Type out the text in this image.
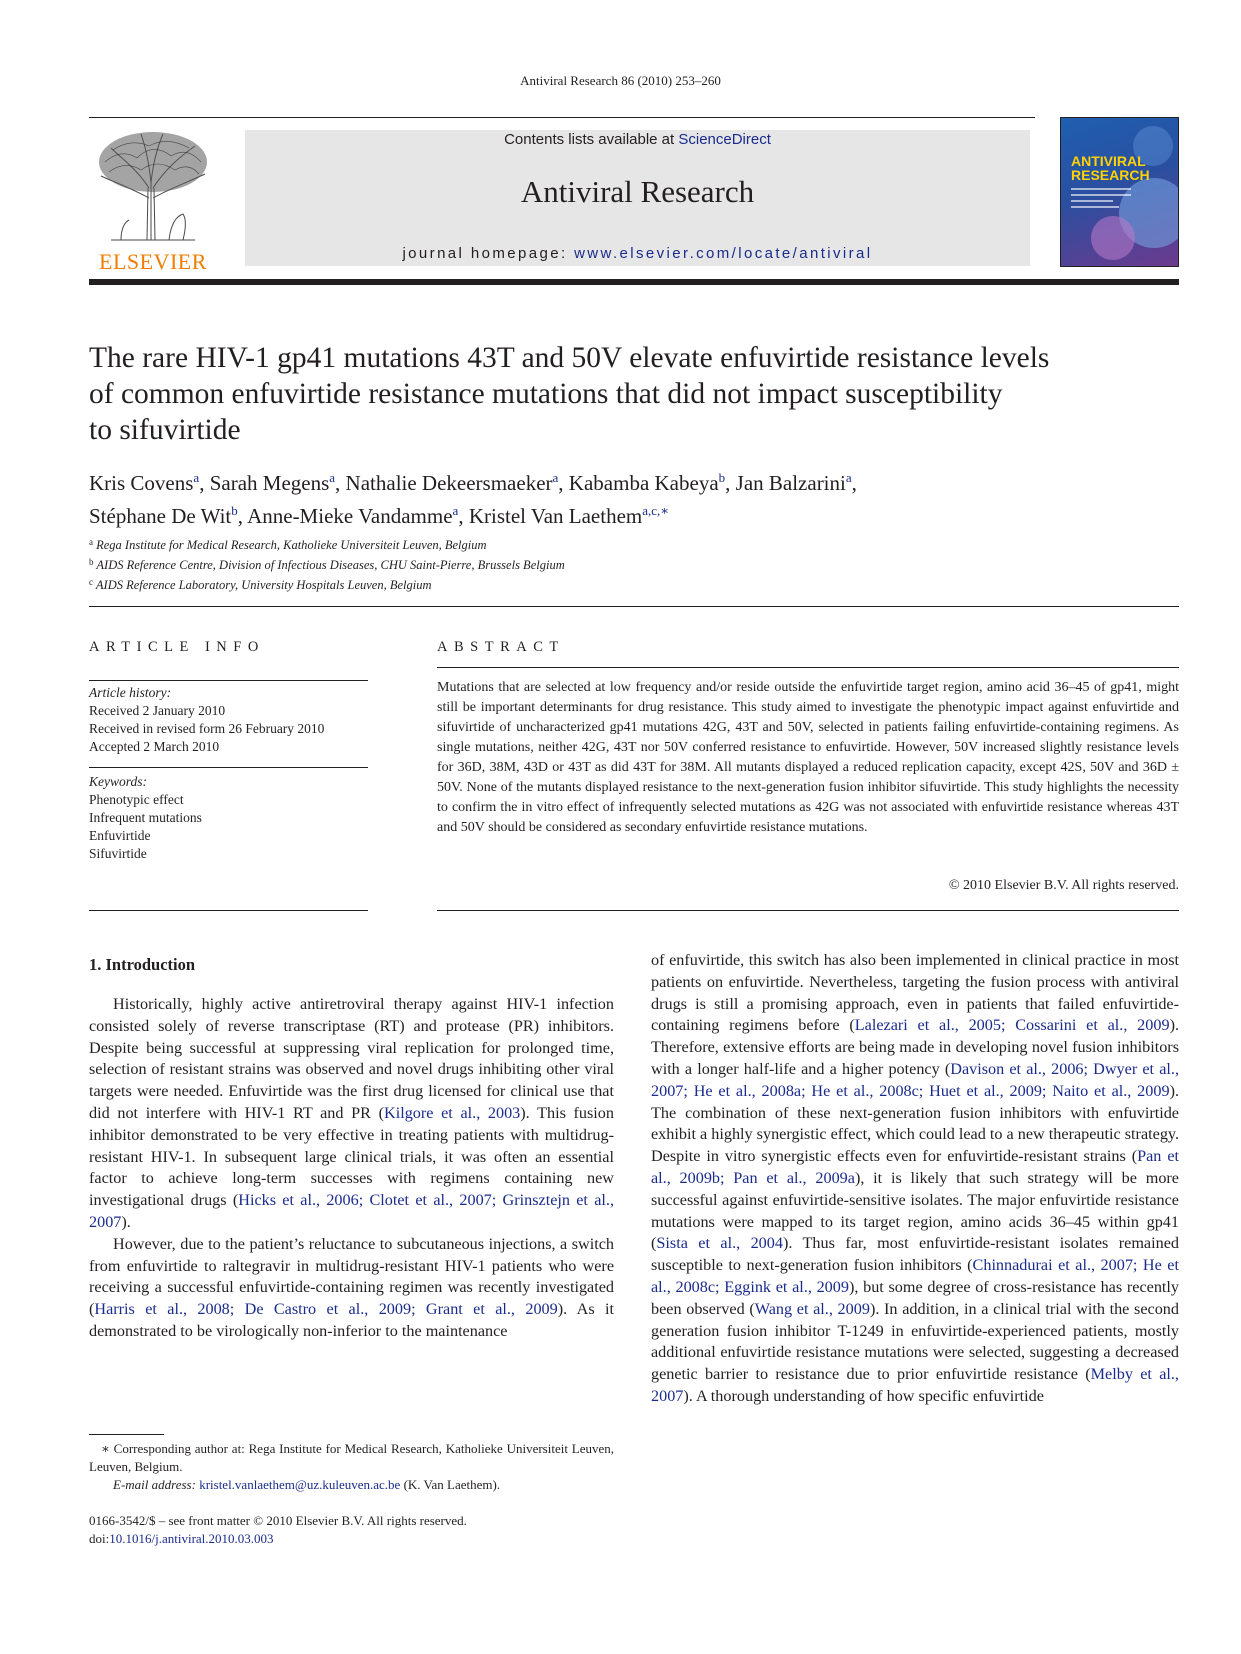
Antiviral Research 86 (2010) 253–260
ELSEVIER
Contents lists available at ScienceDirect
Antiviral Research
journal homepage: www.elsevier.com/locate/antiviral
ANTIVIRAL RESEARCH
The rare HIV-1 gp41 mutations 43T and 50V elevate enfuvirtide resistance levels
of common enfuvirtide resistance mutations that did not impact susceptibility
to sifuvirtide
Kris Covens$^a$, Sarah Megens$^a$, Nathalie Dekeersmaeker$^a$, Kabamba Kabeya$^b$, Jan Balzarini$^a$,
Stéphane De Wit$^b$, Anne-Mieke Vandamme$^a$, Kristel Van Laethem$^{a,c,∗}$
$^a$ Rega Institute for Medical Research, Katholieke Universiteit Leuven, Belgium
$^b$ AIDS Reference Centre, Division of Infectious Diseases, CHU Saint-Pierre, Brussels Belgium
$^c$ AIDS Reference Laboratory, University Hospitals Leuven, Belgium
ARTICLE INFO
Article history:
Received 2 January 2010
Received in revised form 26 February 2010
Accepted 2 March 2010
Keywords:
Phenotypic effect
Infrequent mutations
Enfuvirtide
Sifuvirtide
ABSTRACT
Mutations that are selected at low frequency and/or reside outside the enfuvirtide target region, amino acid 36–45 of gp41, might still be important determinants for drug resistance. This study aimed to investigate the phenotypic impact against enfuvirtide and sifuvirtide of uncharacterized gp41 mutations 42G, 43T and 50V, selected in patients failing enfuvirtide-containing regimens. As single mutations, neither 42G, 43T nor 50V conferred resistance to enfuvirtide. However, 50V increased slightly resistance levels for 36D, 38M, 43D or 43T as did 43T for 38M. All mutants displayed a reduced replication capacity, except 42S, 50V and 36D ± 50V. None of the mutants displayed resistance to the next-generation fusion inhibitor sifuvirtide. This study highlights the necessity to confirm the in vitro effect of infrequently selected mutations as 42G was not associated with enfuvirtide resistance whereas 43T and 50V should be considered as secondary enfuvirtide resistance mutations.
© 2010 Elsevier B.V. All rights reserved.
1. Introduction

Historically, highly active antiretroviral therapy against HIV-1 infection consisted solely of reverse transcriptase (RT) and protease (PR) inhibitors. Despite being successful at suppressing viral replication for prolonged time, selection of resistant strains was observed and novel drugs inhibiting other viral targets were needed. Enfuvirtide was the first drug licensed for clinical use that did not interfere with HIV-1 RT and PR (Kilgore et al., 2003). This fusion inhibitor demonstrated to be very effective in treating patients with multidrug-resistant HIV-1. In subsequent large clinical trials, it was often an essential factor to achieve long-term successes with regimens containing new investigational drugs (Hicks et al., 2006; Clotet et al., 2007; Grinsztejn et al., 2007).

However, due to the patient’s reluctance to subcutaneous injections, a switch from enfuvirtide to raltegravir in multidrug-resistant HIV-1 patients who were receiving a successful enfuvirtide-containing regimen was recently investigated (Harris et al., 2008; De Castro et al., 2009; Grant et al., 2009). As it demonstrated to be virologically non-inferior to the maintenance

of enfuvirtide, this switch has also been implemented in clinical practice in most patients on enfuvirtide. Nevertheless, targeting the fusion process with antiviral drugs is still a promising approach, even in patients that failed enfuvirtide-containing regimens before (Lalezari et al., 2005; Cossarini et al., 2009). Therefore, extensive efforts are being made in developing novel fusion inhibitors with a longer half-life and a higher potency (Davison et al., 2006; Dwyer et al., 2007; He et al., 2008a; He et al., 2008c; Huet et al., 2009; Naito et al., 2009). The combination of these next-generation fusion inhibitors with enfuvirtide exhibit a highly synergistic effect, which could lead to a new therapeutic strategy. Despite in vitro synergistic effects even for enfuvirtide-resistant strains (Pan et al., 2009b; Pan et al., 2009a), it is likely that such strategy will be more successful against enfuvirtide-sensitive isolates. The major enfuvirtide resistance mutations were mapped to its target region, amino acids 36–45 within gp41 (Sista et al., 2004). Thus far, most enfuvirtide-resistant isolates remained susceptible to next-generation fusion inhibitors (Chinnadurai et al., 2007; He et al., 2008c; Eggink et al., 2009), but some degree of cross-resistance has recently been observed (Wang et al., 2009). In addition, in a clinical trial with the second generation fusion inhibitor T-1249 in enfuvirtide-experienced patients, mostly additional enfuvirtide resistance mutations were selected, suggesting a decreased genetic barrier to resistance due to prior enfuvirtide resistance (Melby et al., 2007). A thorough understanding of how specific enfuvirtide

∗ Corresponding author at: Rega Institute for Medical Research, Katholieke Universiteit Leuven, Leuven, Belgium.
E-mail address: kristel.vanlaethem@uz.kuleuven.ac.be (K. Van Laethem).
0166-3542/$ – see front matter © 2010 Elsevier B.V. All rights reserved.
doi:10.1016/j.antiviral.2010.03.003
